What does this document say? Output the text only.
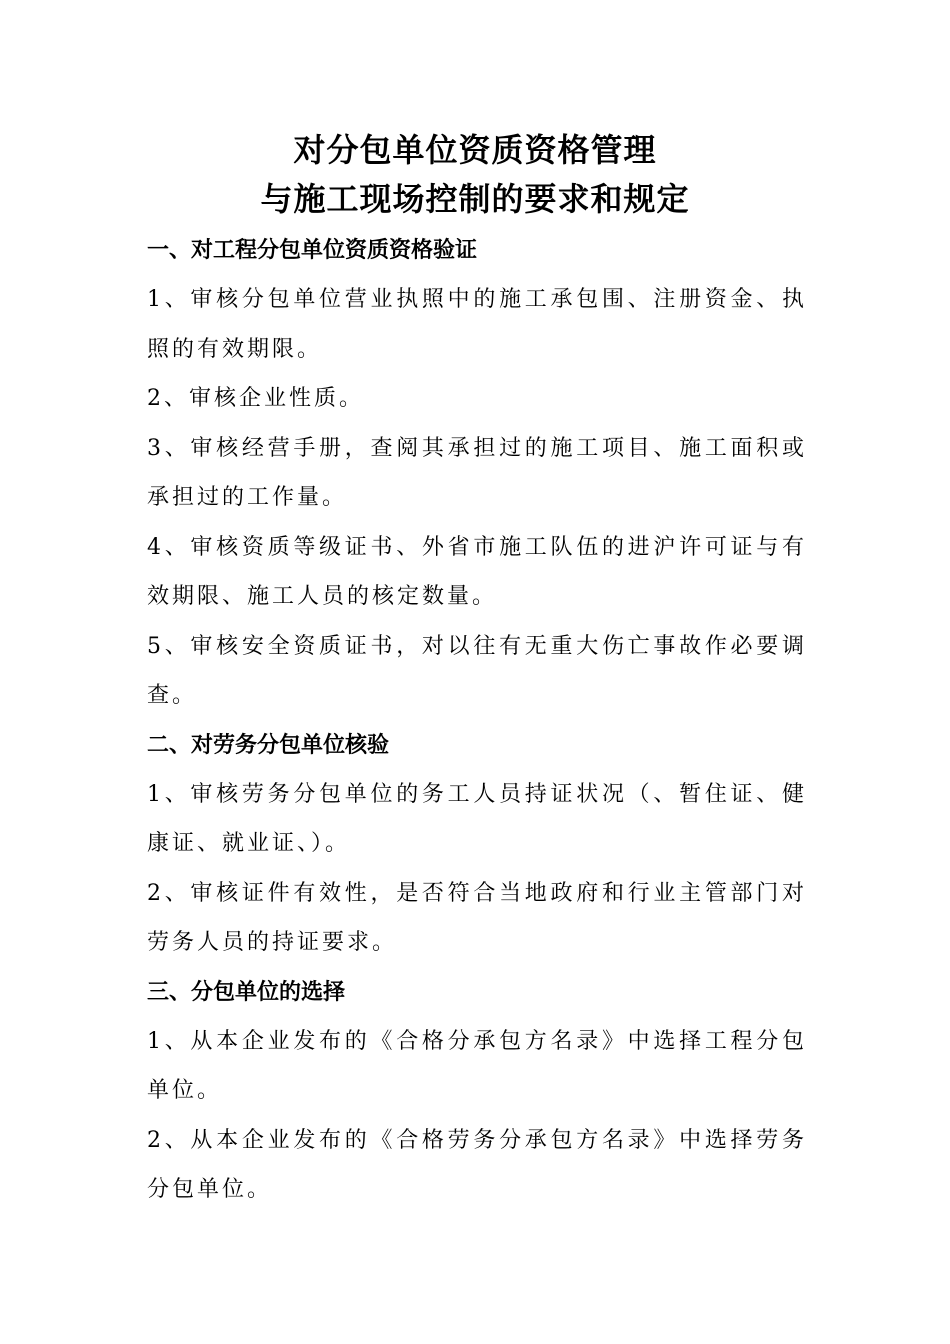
对分包单位资质资格管理
与施工现场控制的要求和规定
一、对工程分包单位资质资格验证

1、审核分包单位营业执照中的施工承包围、注册资金、执照的有效期限。

2、审核企业性质。

3、审核经营手册，查阅其承担过的施工项目、施工面积或承担过的工作量。

4、审核资质等级证书、外省市施工队伍的进沪许可证与有效期限、施工人员的核定数量。

5、审核安全资质证书，对以往有无重大伤亡事故作必要调查。

二、对劳务分包单位核验

1、审核劳务分包单位的务工人员持证状况（、暂住证、健康证、就业证、）。

2、审核证件有效性，是否符合当地政府和行业主管部门对劳务人员的持证要求。

三、分包单位的选择

1、从本企业发布的《合格分承包方名录》中选择工程分包单位。

2、从本企业发布的《合格劳务分承包方名录》中选择劳务分包单位。
